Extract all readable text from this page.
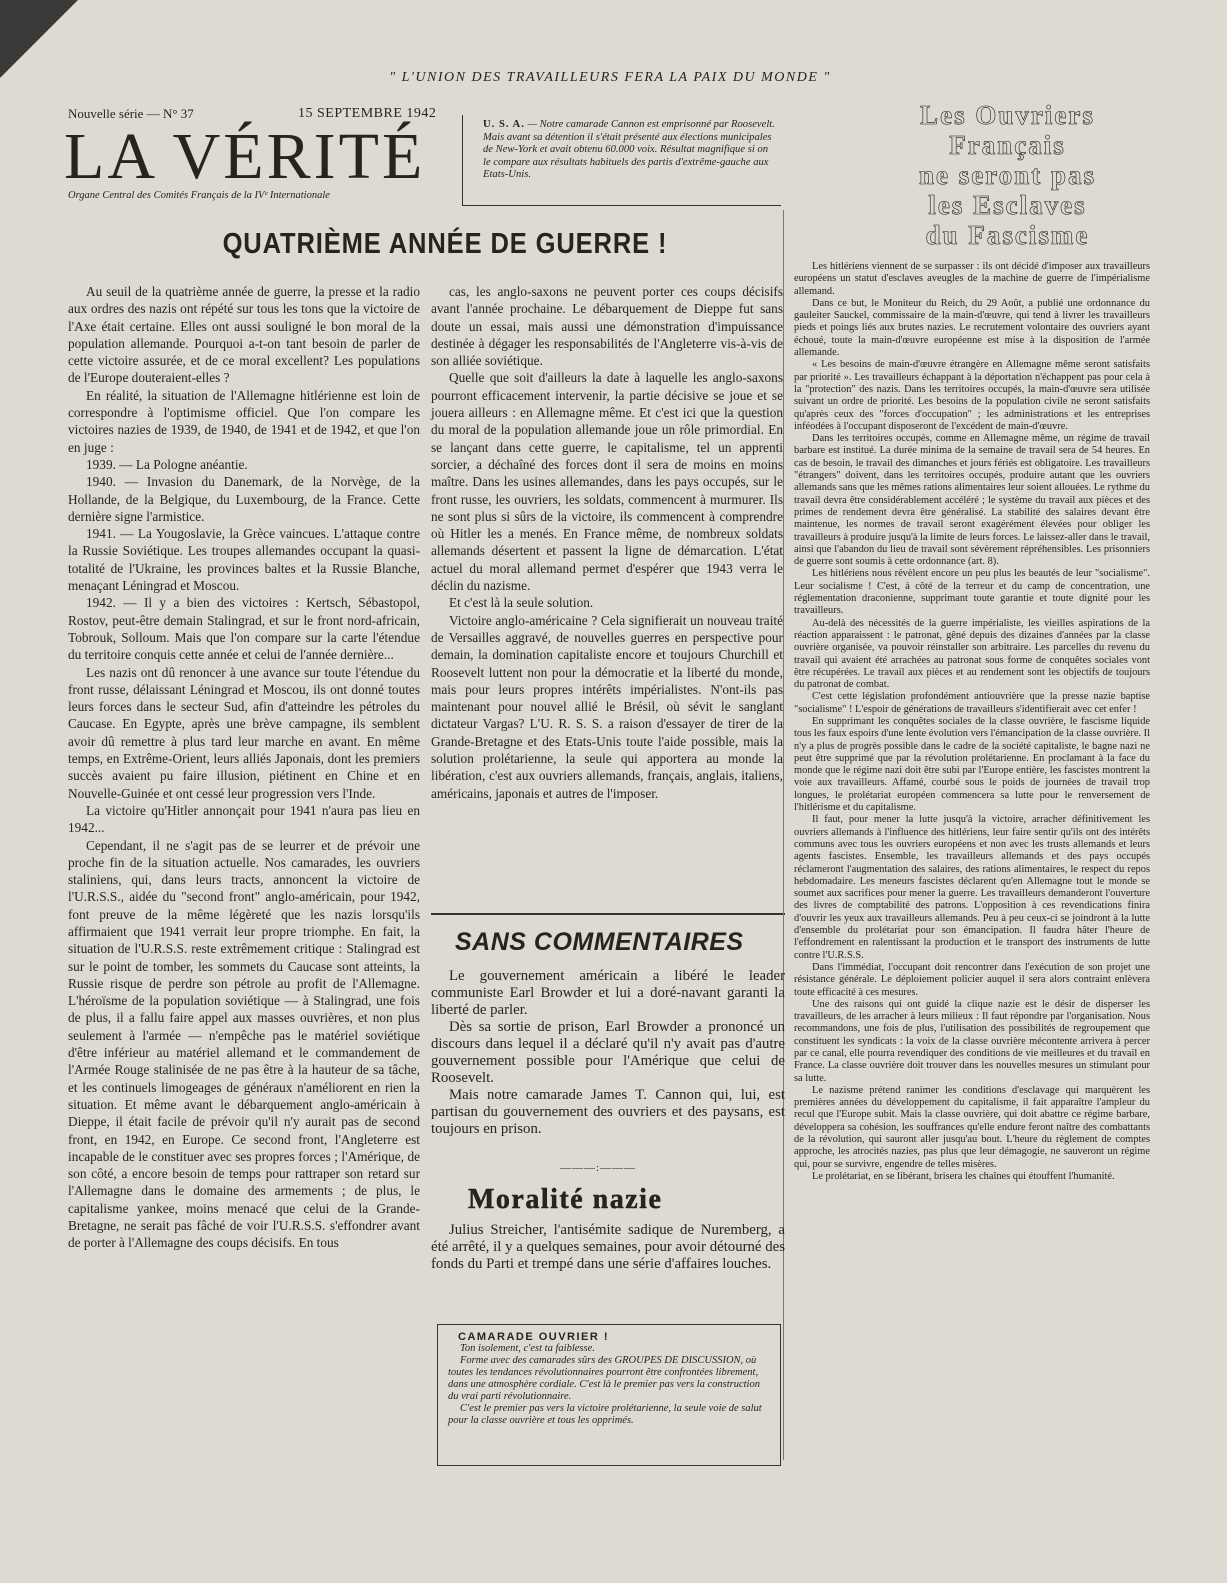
" L'UNION DES TRAVAILLEURS FERA LA PAIX DU MONDE "
Nouvelle série — N° 37	15 SEPTEMBRE 1942
LA VÉRITÉ
Organe Central des Comités Français de la IVᵉ Internationale

U. S. A. — Notre camarade Cannon est emprisonné par Roosevelt. Mais avant sa détention il s'était présenté aux élections municipales de New-York et avait obtenu 60.000 voix. Résultat magnifique si on le compare aux résultats habituels des partis d'extrême-gauche aux Etats-Unis.

Les Ouvriers
Français
ne seront pas
les Esclaves
du Fascisme
QUATRIÈME ANNÉE DE GUERRE !

Au seuil de la quatrième année de guerre, la presse et la radio aux ordres des nazis ont répété sur tous les tons que la victoire de l'Axe était certaine. Elles ont aussi souligné le bon moral de la population allemande. Pourquoi a-t-on tant besoin de parler de cette victoire assurée, et de ce moral excellent? Les populations de l'Europe douteraient-elles ?

En réalité, la situation de l'Allemagne hitlérienne est loin de correspondre à l'optimisme officiel. Que l'on compare les victoires nazies de 1939, de 1940, de 1941 et de 1942, et que l'on en juge :

1939. — La Pologne anéantie.

1940. — Invasion du Danemark, de la Norvège, de la Hollande, de la Belgique, du Luxembourg, de la France. Cette dernière signe l'armistice.

1941. — La Yougoslavie, la Grèce vaincues. L'attaque contre la Russie Soviétique. Les troupes allemandes occupant la quasi-totalité de l'Ukraine, les provinces baltes et la Russie Blanche, menaçant Léningrad et Moscou.

1942. — Il y a bien des victoires : Kertsch, Sébastopol, Rostov, peut-être demain Stalingrad, et sur le front nord-africain, Tobrouk, Solloum. Mais que l'on compare sur la carte l'étendue du territoire conquis cette année et celui de l'année dernière...

Les nazis ont dû renoncer à une avance sur toute l'étendue du front russe, délaissant Léningrad et Moscou, ils ont donné toutes leurs forces dans le secteur Sud, afin d'atteindre les pétroles du Caucase. En Egypte, après une brève campagne, ils semblent avoir dû remettre à plus tard leur marche en avant. En même temps, en Extrême-Orient, leurs alliés Japonais, dont les premiers succès avaient pu faire illusion, piétinent en Chine et en Nouvelle-Guinée et ont cessé leur progression vers l'Inde.

La victoire qu'Hitler annonçait pour 1941 n'aura pas lieu en 1942...

Cependant, il ne s'agit pas de se leurrer et de prévoir une proche fin de la situation actuelle. Nos camarades, les ouvriers staliniens, qui, dans leurs tracts, annoncent la victoire de l'U.R.S.S., aidée du "second front" anglo-américain, pour 1942, font preuve de la même légèreté que les nazis lorsqu'ils affirmaient que 1941 verrait leur propre triomphe. En fait, la situation de l'U.R.S.S. reste extrêmement critique : Stalingrad est sur le point de tomber, les sommets du Caucase sont atteints, la Russie risque de perdre son pétrole au profit de l'Allemagne. L'héroïsme de la population soviétique — à Stalingrad, une fois de plus, il a fallu faire appel aux masses ouvrières, et non plus seulement à l'armée — n'empêche pas le matériel soviétique d'être inférieur au matériel allemand et le commandement de l'Armée Rouge stalinisée de ne pas être à la hauteur de sa tâche, et les continuels limogeages de généraux n'améliorent en rien la situation. Et même avant le débarquement anglo-américain à Dieppe, il était facile de prévoir qu'il n'y aurait pas de second front, en 1942, en Europe. Ce second front, l'Angleterre est incapable de le constituer avec ses propres forces ; l'Amérique, de son côté, a encore besoin de temps pour rattraper son retard sur l'Allemagne dans le domaine des armements ; de plus, le capitalisme yankee, moins menacé que celui de la Grande-Bretagne, ne serait pas fâché de voir l'U.R.S.S. s'effondrer avant de porter à l'Allemagne des coups décisifs. En tous

cas, les anglo-saxons ne peuvent porter ces coups décisifs avant l'année prochaine. Le débarquement de Dieppe fut sans doute un essai, mais aussi une démonstration d'impuissance destinée à dégager les responsabilités de l'Angleterre vis-à-vis de son alliée soviétique.

Quelle que soit d'ailleurs la date à laquelle les anglo-saxons pourront efficacement intervenir, la partie décisive se joue et se jouera ailleurs : en Allemagne même. Et c'est ici que la question du moral de la population allemande joue un rôle primordial. En se lançant dans cette guerre, le capitalisme, tel un apprenti sorcier, a déchaîné des forces dont il sera de moins en moins maître. Dans les usines allemandes, dans les pays occupés, sur le front russe, les ouvriers, les soldats, commencent à murmurer. Ils ne sont plus si sûrs de la victoire, ils commencent à comprendre où Hitler les a menés. En France même, de nombreux soldats allemands désertent et passent la ligne de démarcation. L'état actuel du moral allemand permet d'espérer que 1943 verra le déclin du nazisme.

Et c'est là la seule solution.

Victoire anglo-américaine ? Cela signifierait un nouveau traité de Versailles aggravé, de nouvelles guerres en perspective pour demain, la domination capitaliste encore et toujours Churchill et Roosevelt luttent non pour la démocratie et la liberté du monde, mais pour leurs propres intérêts impérialistes. N'ont-ils pas maintenant pour nouvel allié le Brésil, où sévit le sanglant dictateur Vargas? L'U. R. S. S. a raison d'essayer de tirer de la Grande-Bretagne et des Etats-Unis toute l'aide possible, mais la solution prolétarienne, la seule qui apportera au monde la libération, c'est aux ouvriers allemands, français, anglais, italiens, américains, japonais et autres de l'imposer.

SANS COMMENTAIRES

Le gouvernement américain a libéré le leader communiste Earl Browder et lui a doré-navant garanti la liberté de parler.

Dès sa sortie de prison, Earl Browder a prononcé un discours dans lequel il a déclaré qu'il n'y avait pas d'autre gouvernement possible pour l'Amérique que celui de Roosevelt.

Mais notre camarade James T. Cannon qui, lui, est partisan du gouvernement des ouvriers et des paysans, est toujours en prison.

———:———
Moralité nazie

Julius Streicher, l'antisémite sadique de Nuremberg, a été arrêté, il y a quelques semaines, pour avoir détourné des fonds du Parti et trempé dans une série d'affaires louches.

CAMARADE OUVRIER !

Ton isolement, c'est ta faiblesse.

Forme avec des camarades sûrs des GROUPES DE DISCUSSION, où toutes les tendances révolutionnaires pourront être confrontées librement, dans une atmosphère cordiale. C'est là le premier pas vers la construction du vrai parti révolutionnaire.

C'est le premier pas vers la victoire prolétarienne, la seule voie de salut pour la classe ouvrière et tous les opprimés.

Les hitlériens viennent de se surpasser : ils ont décidé d'imposer aux travailleurs européens un statut d'esclaves aveugles de la machine de guerre de l'impérialisme allemand.

Dans ce but, le Moniteur du Reich, du 29 Août, a publié une ordonnance du gauleiter Sauckel, commissaire de la main-d'œuvre, qui tend à livrer les travailleurs pieds et poings liés aux brutes nazies. Le recrutement volontaire des ouvriers ayant échoué, toute la main-d'œuvre européenne est mise à la disposition de l'armée allemande.

« Les besoins de main-d'œuvre étrangère en Allemagne même seront satisfaits par priorité ». Les travailleurs échappant à la déportation n'échappent pas pour cela à la "protection" des nazis. Dans les territoires occupés, la main-d'œuvre sera utilisée suivant un ordre de priorité. Les besoins de la population civile ne seront satisfaits qu'après ceux des "forces d'occupation" ; les administrations et les entreprises inféodées à l'occupant disposeront de l'excédent de main-d'œuvre.

Dans les territoires occupés, comme en Allemagne même, un régime de travail barbare est institué. La durée minima de la semaine de travail sera de 54 heures. En cas de besoin, le travail des dimanches et jours fériés est obligatoire. Les travailleurs "étrangers" doivent, dans les territoires occupés, produire autant que les ouvriers allemands sans que les mêmes rations alimentaires leur soient allouées. Le rythme du travail devra être considérablement accéléré ; le système du travail aux pièces et des primes de rendement devra être généralisé. La stabilité des salaires devant être maintenue, les normes de travail seront exagérément élevées pour obliger les travailleurs à produire jusqu'à la limite de leurs forces. Le laissez-aller dans le travail, ainsi que l'abandon du lieu de travail sont sévèrement répréhensibles. Les prisonniers de guerre sont soumis à cette ordonnance (art. 8).

Les hitlériens nous révèlent encore un peu plus les beautés de leur "socialisme". Leur socialisme ! C'est, à côté de la terreur et du camp de concentration, une réglementation draconienne, supprimant toute garantie et toute dignité pour les travailleurs.

Au-delà des nécessités de la guerre impérialiste, les vieilles aspirations de la réaction apparaissent : le patronat, gêné depuis des dizaines d'années par la classe ouvrière organisée, va pouvoir réinstaller son arbitraire. Les parcelles du revenu du travail qui avaient été arrachées au patronat sous forme de conquêtes sociales vont être récupérées. Le travail aux pièces et au rendement sont les objectifs de toujours du patronat de combat.

C'est cette législation profondément antiouvrière que la presse nazie baptise "socialisme" ! L'espoir de générations de travailleurs s'identifierait avec cet enfer !

En supprimant les conquêtes sociales de la classe ouvrière, le fascisme liquide tous les faux espoirs d'une lente évolution vers l'émancipation de la classe ouvrière. Il n'y a plus de progrès possible dans le cadre de la société capitaliste, le bagne nazi ne peut être supprimé que par la révolution prolétarienne. En proclamant à la face du monde que le régime nazi doit être subi par l'Europe entière, les fascistes montrent la voie aux travailleurs. Affamé, courbé sous le poids de journées de travail trop longues, le prolétariat européen commencera sa lutte pour le renversement de l'hitlérisme et du capitalisme.

Il faut, pour mener la lutte jusqu'à la victoire, arracher définitivement les ouvriers allemands à l'influence des hitlériens, leur faire sentir qu'ils ont des intérêts communs avec tous les ouvriers européens et non avec les trusts allemands et leurs agents fascistes. Ensemble, les travailleurs allemands et des pays occupés réclameront l'augmentation des salaires, des rations alimentaires, le respect du repos hebdomadaire. Les meneurs fascistes déclarent qu'en Allemagne tout le monde se soumet aux sacrifices pour mener la guerre. Les travailleurs demanderont l'ouverture des livres de comptabilité des patrons. L'opposition à ces revendications finira d'ouvrir les yeux aux travailleurs allemands. Peu à peu ceux-ci se joindront à la lutte d'ensemble du prolétariat pour son émancipation. Il faudra hâter l'heure de l'effondrement en ralentissant la production et le transport des instruments de lutte contre l'U.R.S.S.

Dans l'immédiat, l'occupant doit rencontrer dans l'exécution de son projet une résistance générale. Le déploiement policier auquel il sera alors contraint enlèvera toute efficacité à ces mesures.

Une des raisons qui ont guidé la clique nazie est le désir de disperser les travailleurs, de les arracher à leurs milieux : Il faut répondre par l'organisation. Nous recommandons, une fois de plus, l'utilisation des possibilités de regroupement que constituent les syndicats : la voix de la classe ouvrière mécontente arrivera à percer par ce canal, elle pourra revendiquer des conditions de vie meilleures et du travail en France. La classe ouvrière doit trouver dans les nouvelles mesures un stimulant pour sa lutte.

Le nazisme prétend ranimer les conditions d'esclavage qui marquèrent les premières années du développement du capitalisme, il fait apparaître l'ampleur du recul que l'Europe subit. Mais la classe ouvrière, qui doit abattre ce régime barbare, développera sa cohésion, les souffrances qu'elle endure feront naître des combattants de la révolution, qui sauront aller jusqu'au bout. L'heure du règlement de comptes approche, les atrocités nazies, pas plus que leur démagogie, ne sauveront un régime qui, pour se survivre, engendre de telles misères.

Le prolétariat, en se libérant, brisera les chaînes qui étouffent l'humanité.
